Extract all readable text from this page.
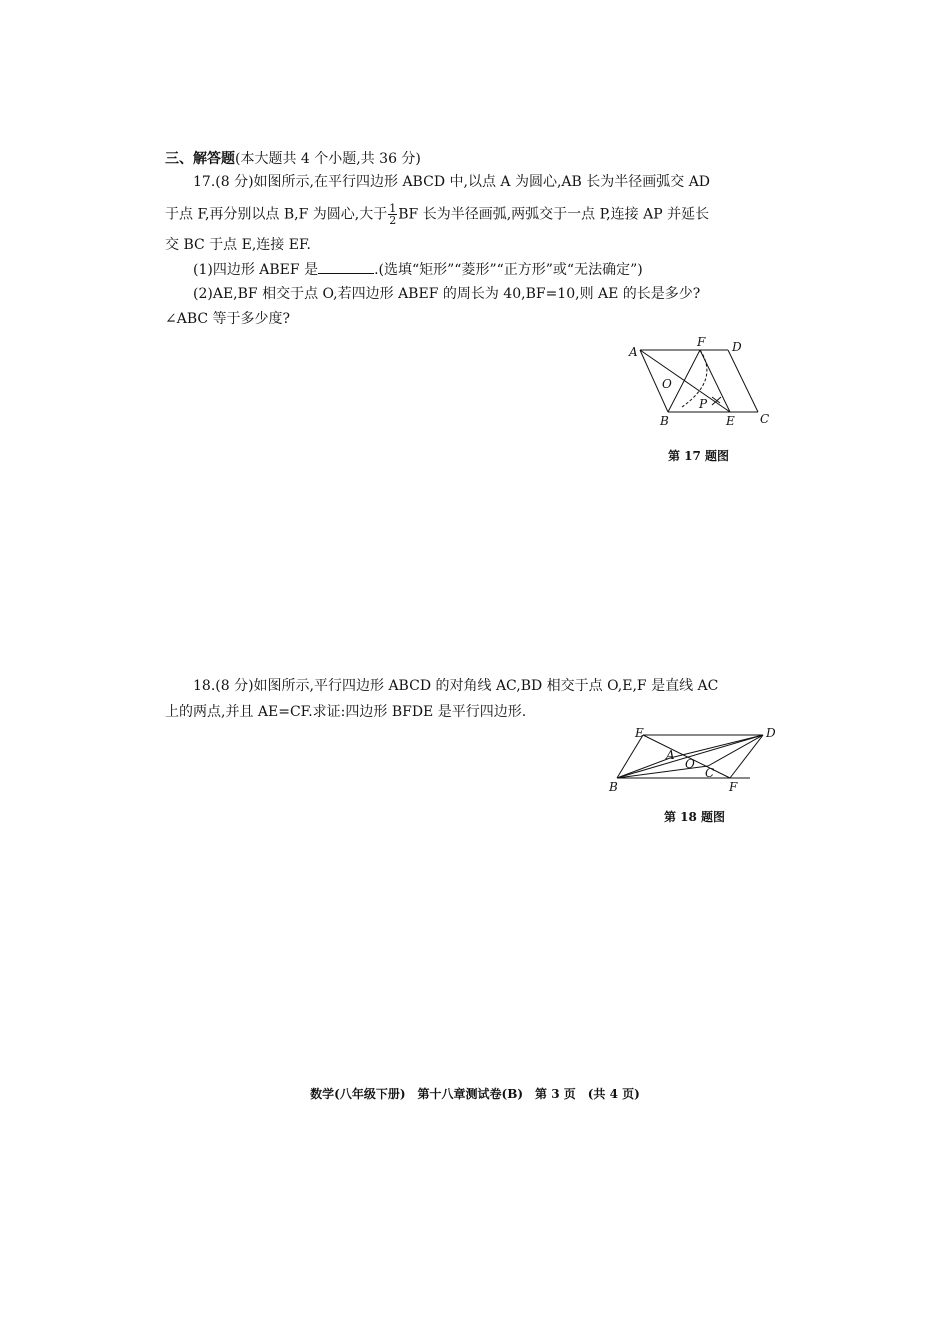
三、解答题(本大题共 4 个小题,共 36 分)
17.(8 分)如图所示,在平行四边形 ABCD 中,以点 A 为圆心,AB 长为半径画弧交 AD
于点 F,再分别以点 B,F 为圆心,大于 $\frac{1}{2}$ BF 长为半径画弧,两弧交于一点 P,连接 AP 并延长
交 BC 于点 E,连接 EF.
(1)四边形 ABEF 是	.(选填“矩形”“菱形”“正方形”或“无法确定”)
(2)AE,BF 相交于点 O,若四边形 ABEF 的周长为 40,BF=10,则 AE 的长是多少?
∠ABC 等于多少度?
A
F D
O
P
B	E C
第 17 题图
18.(8 分)如图所示,平行四边形 ABCD 的对角线 AC,BD 相交于点 O,E,F 是直线 AC
上的两点,并且 AE=CF.求证:四边形 BFDE 是平行四边形.
E	D
A
O
C
B	F
第 18 题图
数学(八年级下册) 第十八章测试卷(B) 第 3 页 (共 4 页)
